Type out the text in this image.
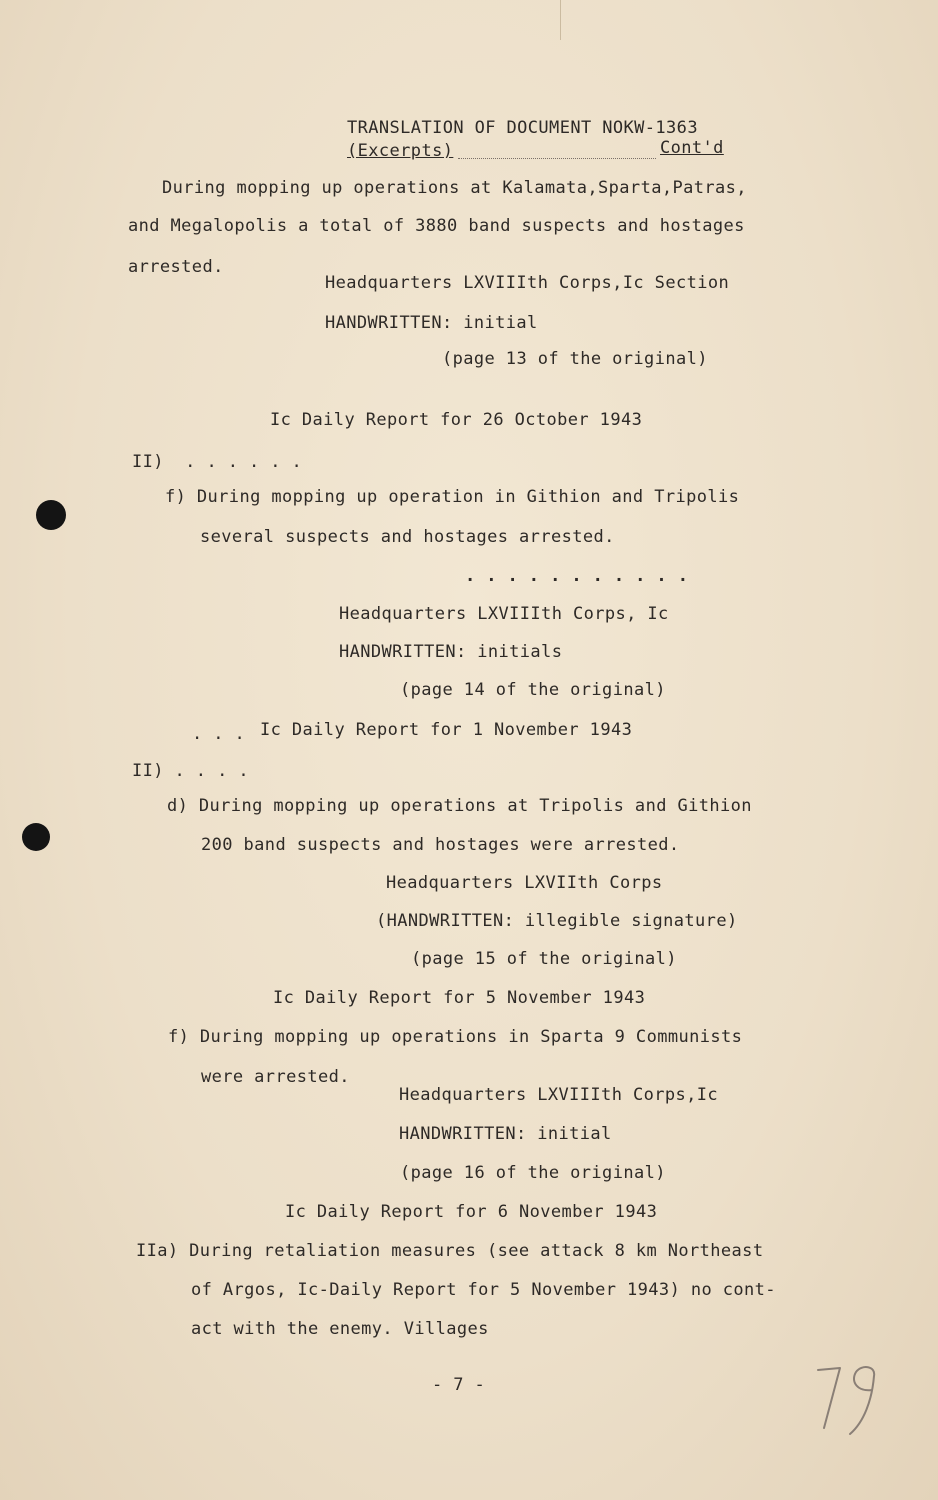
TRANSLATION OF DOCUMENT NOKW-1363
(Excerpts)	Cont'd
During mopping up operations at Kalamata,Sparta,Patras,
and Megalopolis a total of 3880 band suspects and hostages
arrested.
Headquarters LXVIIIth Corps,Ic Section
HANDWRITTEN: initial
(page 13 of the original)
Ic Daily Report for 26 October 1943
II)  . . . . . .
f) During mopping up operation in Githion and Tripolis
several suspects and hostages arrested.
. . . . . . . . . . .
Headquarters LXVIIIth Corps, Ic
HANDWRITTEN: initials
(page 14 of the original)
. . . Ic Daily Report for 1 November 1943
II) . . . .
d) During mopping up operations at Tripolis and Githion
200 band suspects and hostages were arrested.
Headquarters LXVIIth Corps
(HANDWRITTEN: illegible signature)
(page 15 of the original)
Ic Daily Report for 5 November 1943
f) During mopping up operations in Sparta 9 Communists
were arrested.
Headquarters LXVIIIth Corps,Ic
HANDWRITTEN: initial
(page 16 of the original)
Ic Daily Report for 6 November 1943
IIa) During retaliation measures (see attack 8 km Northeast
of Argos, Ic-Daily Report for 5 November 1943) no cont-
act with the enemy. Villages
- 7 -
